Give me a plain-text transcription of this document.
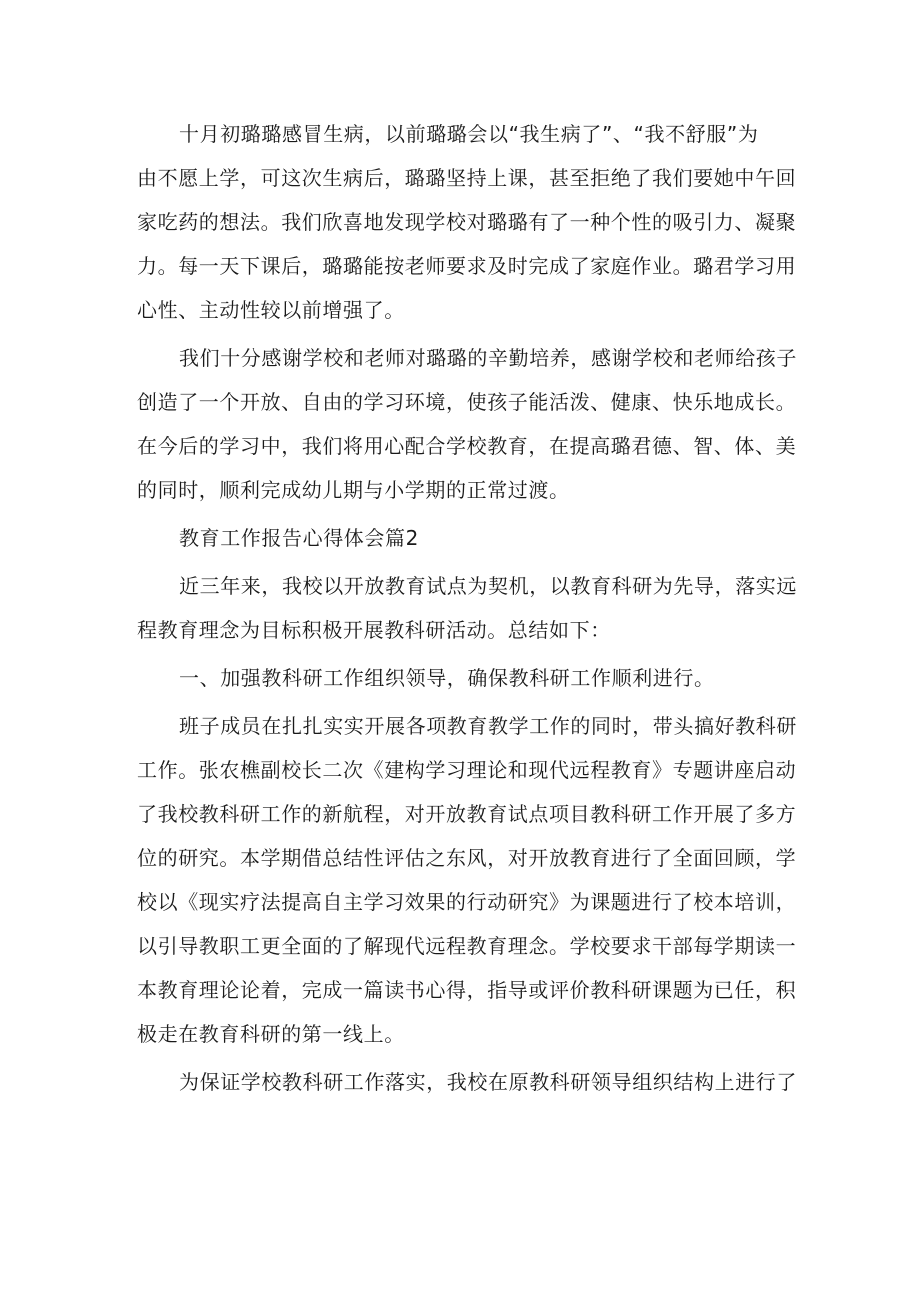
十月初璐璐感冒生病，以前璐璐会以“我生病了”、“我不舒服”为
由不愿上学，可这次生病后，璐璐坚持上课，甚至拒绝了我们要她中午回
家吃药的想法。我们欣喜地发现学校对璐璐有了一种个性的吸引力、凝聚
力。每一天下课后，璐璐能按老师要求及时完成了家庭作业。璐君学习用
心性、主动性较以前增强了。
我们十分感谢学校和老师对璐璐的辛勤培养，感谢学校和老师给孩子
创造了一个开放、自由的学习环境，使孩子能活泼、健康、快乐地成长。
在今后的学习中，我们将用心配合学校教育，在提高璐君德、智、体、美
的同时，顺利完成幼儿期与小学期的正常过渡。
教育工作报告心得体会篇2
近三年来，我校以开放教育试点为契机，以教育科研为先导，落实远
程教育理念为目标积极开展教科研活动。总结如下：
一、加强教科研工作组织领导，确保教科研工作顺利进行。
班子成员在扎扎实实开展各项教育教学工作的同时，带头搞好教科研
工作。张农樵副校长二次《建构学习理论和现代远程教育》专题讲座启动
了我校教科研工作的新航程，对开放教育试点项目教科研工作开展了多方
位的研究。本学期借总结性评估之东风，对开放教育进行了全面回顾，学
校以《现实疗法提高自主学习效果的行动研究》为课题进行了校本培训，
以引导教职工更全面的了解现代远程教育理念。学校要求干部每学期读一
本教育理论论着，完成一篇读书心得，指导或评价教科研课题为已任，积
极走在教育科研的第一线上。
为保证学校教科研工作落实，我校在原教科研领导组织结构上进行了
